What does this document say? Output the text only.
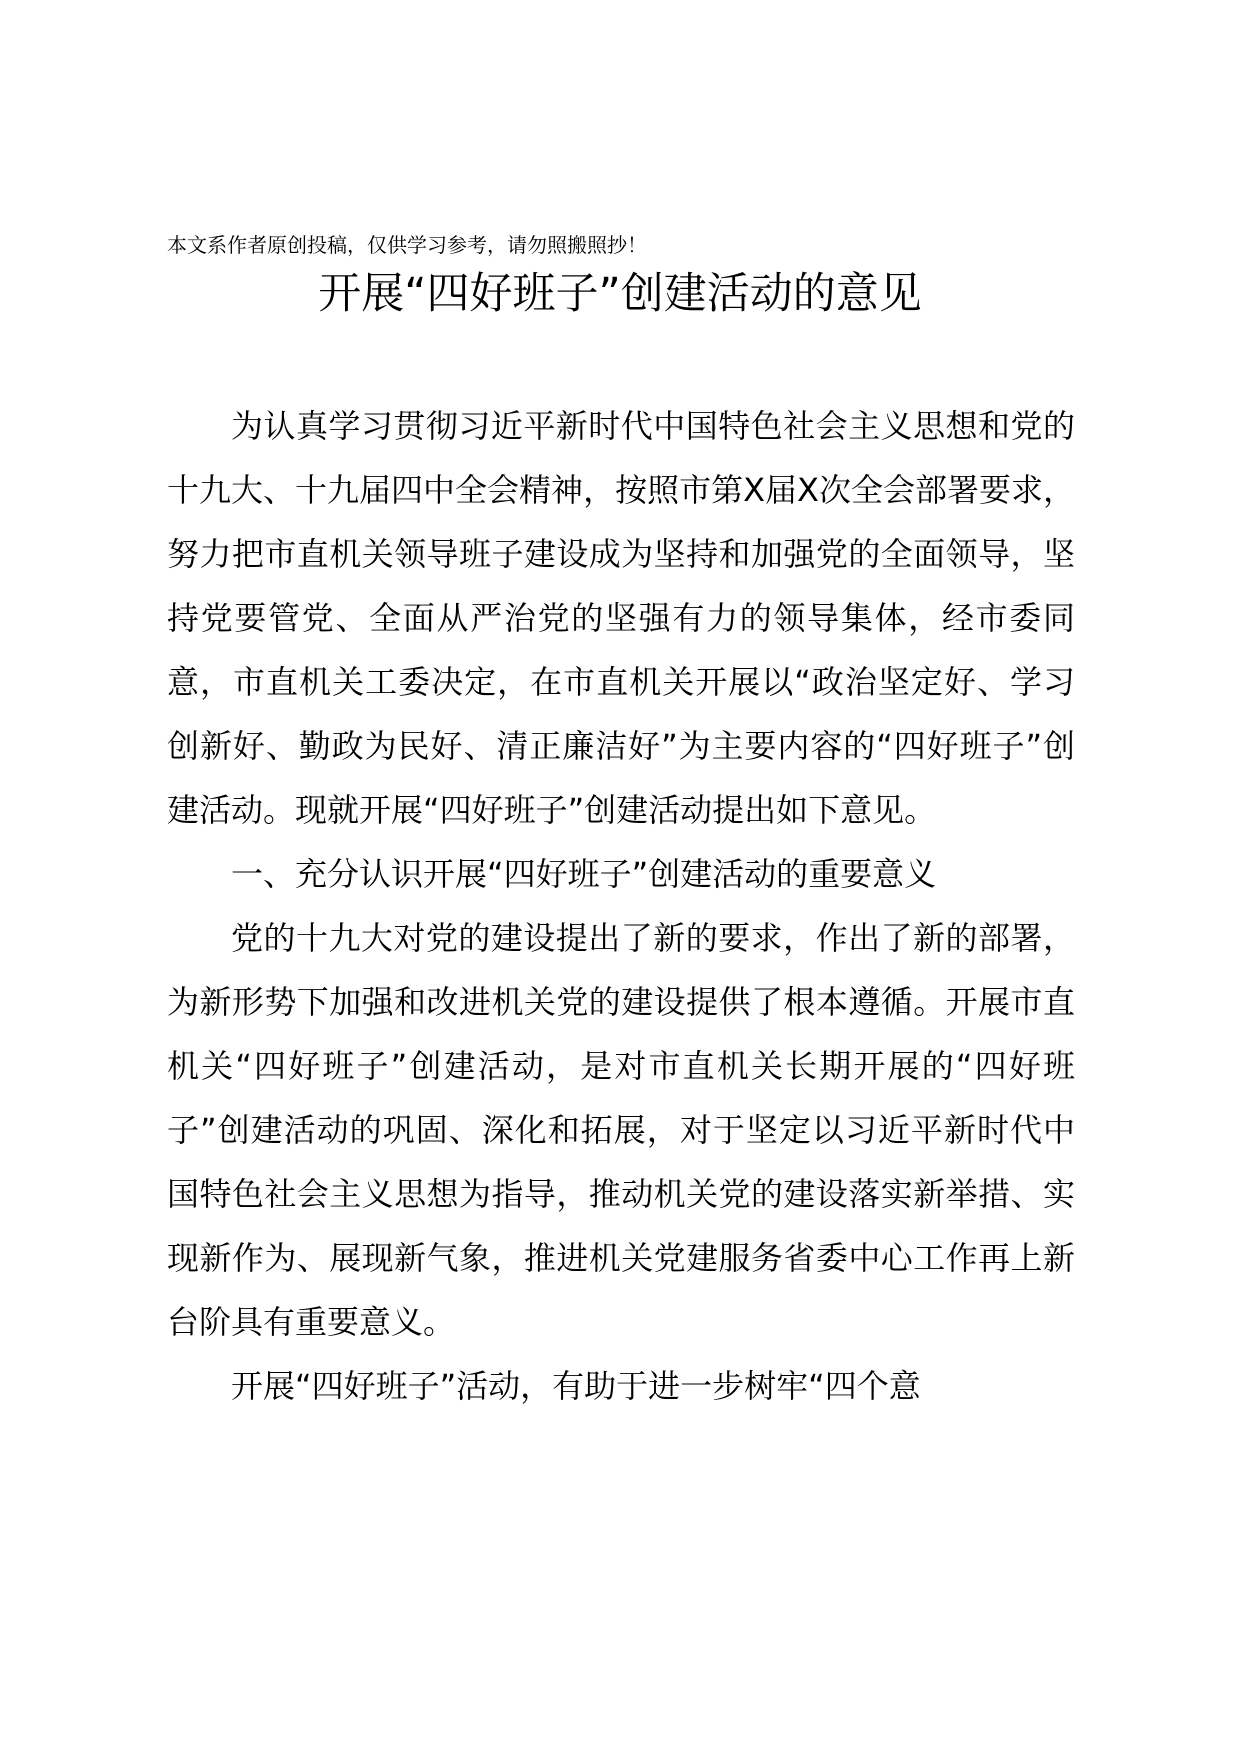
本文系作者原创投稿，仅供学习参考，请勿照搬照抄！
开展“四好班子”创建活动的意见

为认真学习贯彻习近平新时代中国特色社会主义思想和党的十九大、十九届四中全会精神，按照市第X届X次全会部署要求，努力把市直机关领导班子建设成为坚持和加强党的全面领导，坚持党要管党、全面从严治党的坚强有力的领导集体，经市委同意，市直机关工委决定，在市直机关开展以“政治坚定好、学习创新好、勤政为民好、清正廉洁好”为主要内容的“四好班子”创建活动。现就开展“四好班子”创建活动提出如下意见。

一、充分认识开展“四好班子”创建活动的重要意义

党的十九大对党的建设提出了新的要求，作出了新的部署，为新形势下加强和改进机关党的建设提供了根本遵循。开展市直机关“四好班子”创建活动，是对市直机关长期开展的“四好班子”创建活动的巩固、深化和拓展，对于坚定以习近平新时代中国特色社会主义思想为指导，推动机关党的建设落实新举措、实现新作为、展现新气象，推进机关党建服务省委中心工作再上新台阶具有重要意义。

开展“四好班子”活动，有助于进一步树牢“四个意
